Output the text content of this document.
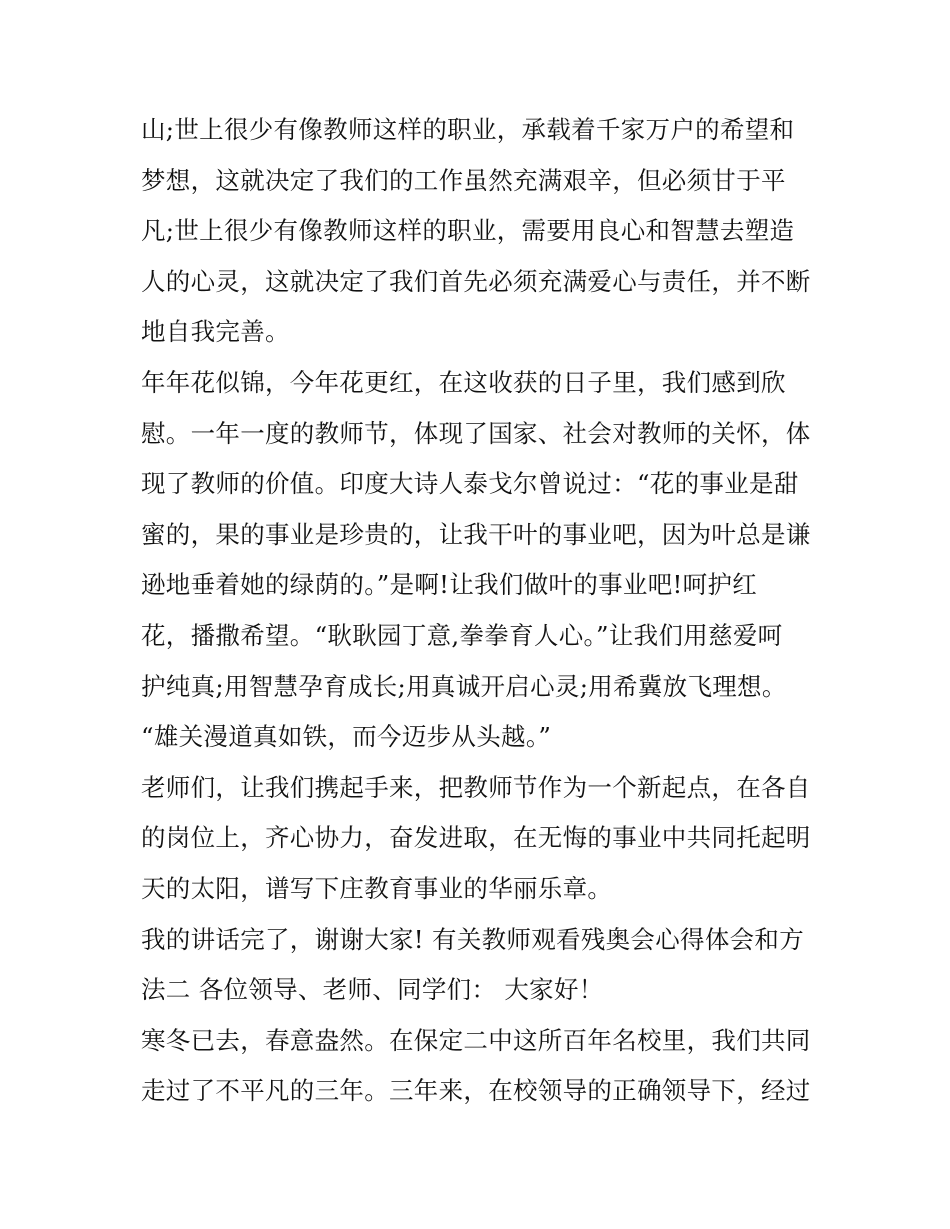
山;世上很少有像教师这样的职业，承载着千家万户的希望和
梦想，这就决定了我们的工作虽然充满艰辛，但必须甘于平
凡;世上很少有像教师这样的职业，需要用良心和智慧去塑造
人的心灵，这就决定了我们首先必须充满爱心与责任，并不断
地自我完善。
年年花似锦，今年花更红，在这收获的日子里，我们感到欣
慰。一年一度的教师节，体现了国家、社会对教师的关怀，体
现了教师的价值。印度大诗人泰戈尔曾说过：“花的事业是甜
蜜的，果的事业是珍贵的，让我干叶的事业吧，因为叶总是谦
逊地垂着她的绿荫的。”是啊!让我们做叶的事业吧!呵护红
花，播撒希望。“耿耿园丁意,拳拳育人心。”让我们用慈爱呵
护纯真;用智慧孕育成长;用真诚开启心灵;用希冀放飞理想。
“雄关漫道真如铁，而今迈步从头越。”
老师们，让我们携起手来，把教师节作为一个新起点，在各自
的岗位上，齐心协力，奋发进取，在无悔的事业中共同托起明
天的太阳，谱写下庄教育事业的华丽乐章。
我的讲话完了，谢谢大家! 有关教师观看残奥会心得体会和方
法二 各位领导、老师、同学们： 大家好！
寒冬已去，春意盎然。在保定二中这所百年名校里，我们共同
走过了不平凡的三年。三年来，在校领导的正确领导下，经过
